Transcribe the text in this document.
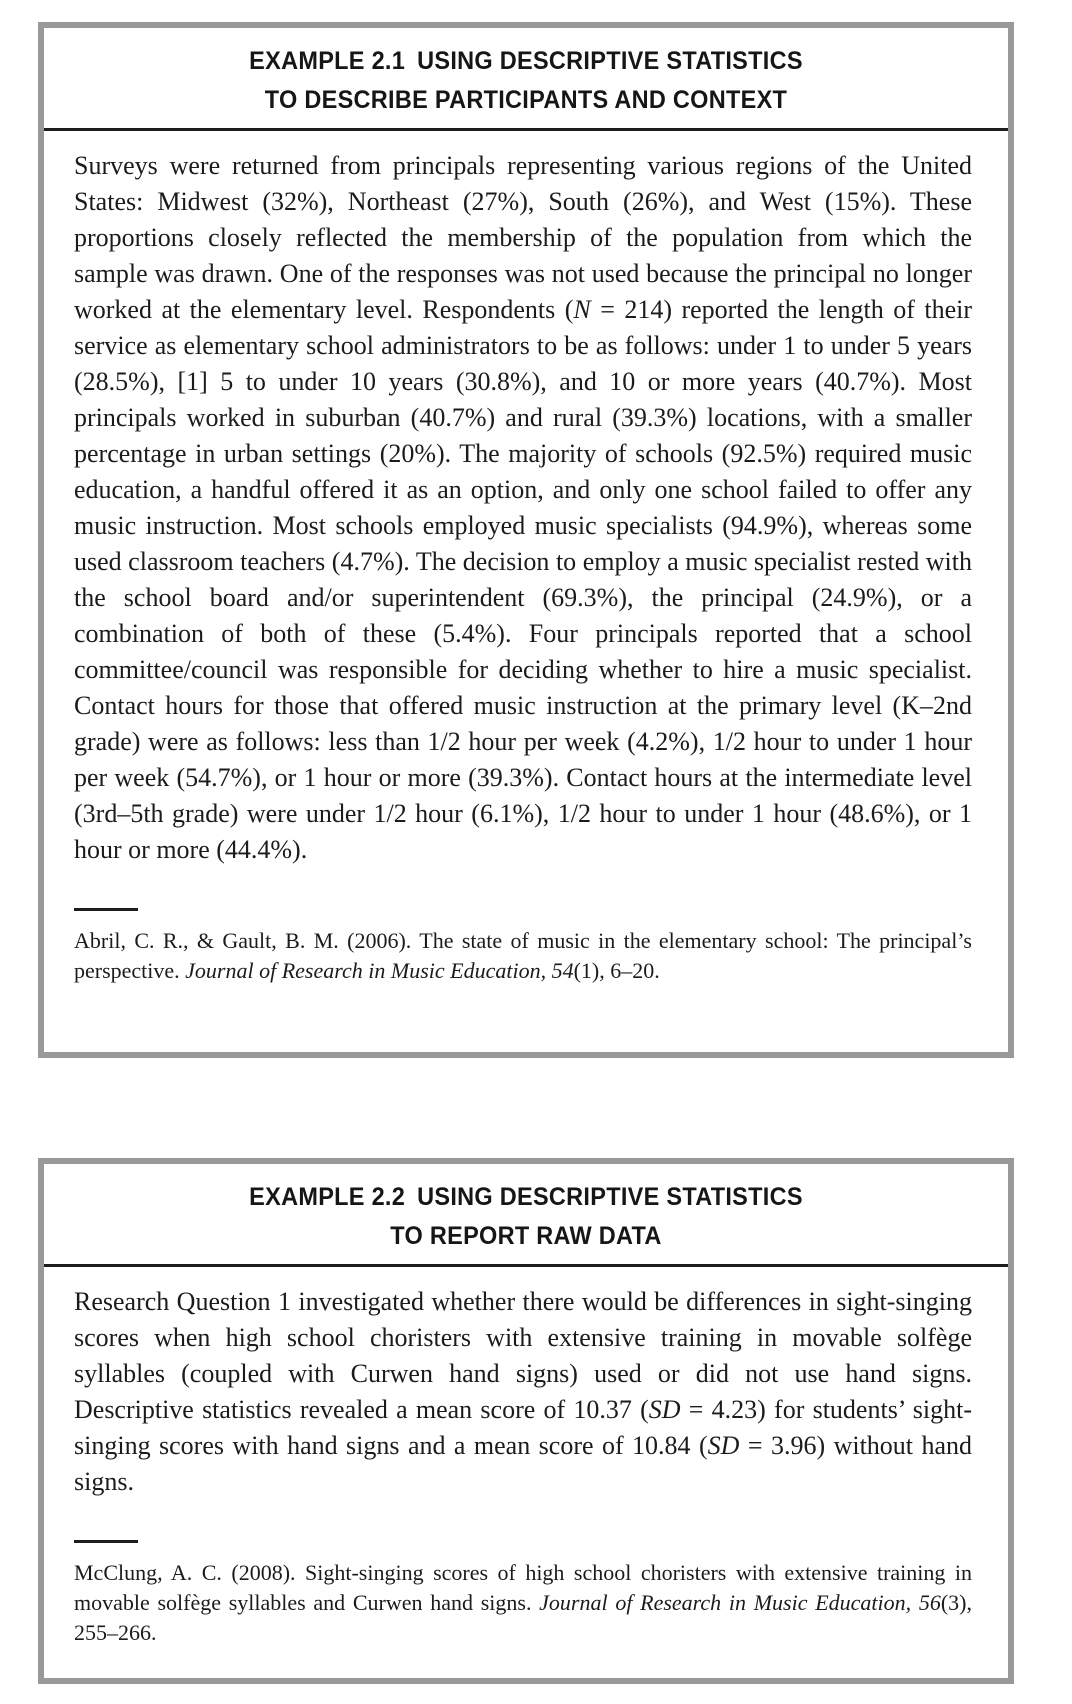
EXAMPLE 2.1 USING DESCRIPTIVE STATISTICS
TO DESCRIBE PARTICIPANTS AND CONTEXT

Surveys were returned from principals representing various regions of the United States: Midwest (32%), Northeast (27%), South (26%), and West (15%). These proportions closely reflected the membership of the population from which the sample was drawn. One of the responses was not used because the principal no longer worked at the elementary level. Respondents (N = 214) reported the length of their service as elementary school administrators to be as follows: under 1 to under 5 years (28.5%), [1] 5 to under 10 years (30.8%), and 10 or more years (40.7%). Most principals worked in suburban (40.7%) and rural (39.3%) locations, with a smaller percentage in urban settings (20%). The majority of schools (92.5%) required music education, a handful offered it as an option, and only one school failed to offer any music instruction. Most schools employed music specialists (94.9%), whereas some used classroom teachers (4.7%). The decision to employ a music specialist rested with the school board and/or superintendent (69.3%), the principal (24.9%), or a combination of both of these (5.4%). Four principals reported that a school committee/council was responsible for deciding whether to hire a music specialist. Contact hours for those that offered music instruction at the primary level (K–2nd grade) were as follows: less than 1/2 hour per week (4.2%), 1/2 hour to under 1 hour per week (54.7%), or 1 hour or more (39.3%). Contact hours at the intermediate level (3rd–5th grade) were under 1/2 hour (6.1%), 1/2 hour to under 1 hour (48.6%), or 1 hour or more (44.4%).

Abril, C. R., & Gault, B. M. (2006). The state of music in the elementary school: The principal’s perspective. Journal of Research in Music Education, 54(1), 6–20.

EXAMPLE 2.2 USING DESCRIPTIVE STATISTICS
TO REPORT RAW DATA

Research Question 1 investigated whether there would be differences in sight-singing scores when high school choristers with extensive training in movable solfège syllables (coupled with Curwen hand signs) used or did not use hand signs. Descriptive statistics revealed a mean score of 10.37 (SD = 4.23) for students’ sight-singing scores with hand signs and a mean score of 10.84 (SD = 3.96) without hand signs.

McClung, A. C. (2008). Sight-singing scores of high school choristers with extensive training in movable solfège syllables and Curwen hand signs. Journal of Research in Music Education, 56(3), 255–266.
